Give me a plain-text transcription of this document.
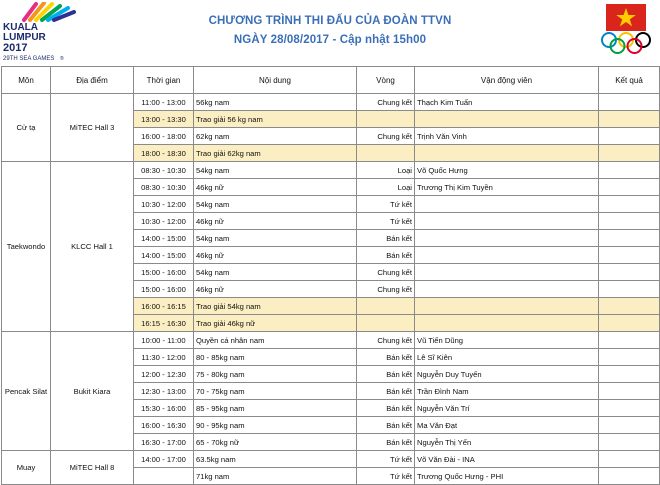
KUALA
LUMPUR
2017
29TH SEA GAMES ®
CHƯƠNG TRÌNH THI ĐẤU CỦA ĐOÀN TTVN
NGÀY 28/08/2017 - Cập nhật 15h00
Môn	Địa điểm	Thời gian	Nội dung	Vòng	Vận động viên	Kết quả
Cử tạ	MiTEC Hall 3	11:00 - 13:00	56kg nam	Chung kết	Thạch Kim Tuấn	
		13:00 - 13:30	Trao giải 56 kg nam			
		16:00 - 18:00	62kg nam	Chung kết	Trịnh Văn Vinh	
		18:00 - 18:30	Trao giải 62kg nam			
Taekwondo	KLCC Hall 1	08:30 - 10:30	54kg nam	Loại	Võ Quốc Hưng	
		08:30 - 10:30	46kg nữ	Loại	Trương Thị Kim Tuyền	
		10:30 - 12:00	54kg nam	Tứ kết		
		10:30 - 12:00	46kg nữ	Tứ kết		
		14:00 - 15:00	54kg nam	Bán kết		
		14:00 - 15:00	46kg nữ	Bán kết		
		15:00 - 16:00	54kg nam	Chung kết		
		15:00 - 16:00	46kg nữ	Chung kết		
		16:00 - 16:15	Trao giải 54kg nam			
		16:15 - 16:30	Trao giải 46kg nữ			
Pencak Silat	Bukit Kiara	10:00 - 11:00	Quyền cá nhân nam	Chung kết	Vũ Tiến Dũng	
		11:30 - 12:00	80 - 85kg nam	Bán kết	Lê Sĩ Kiên	
		12:00 - 12:30	75 - 80kg nam	Bán kết	Nguyễn Duy Tuyến	
		12:30 - 13:00	70 - 75kg nam	Bán kết	Trần Đình Nam	
		15:30 - 16:00	85 - 95kg nam	Bán kết	Nguyễn Văn Trí	
		16:00 - 16:30	90 - 95kg nam	Bán kết	Ma Văn Đạt	
		16:30 - 17:00	65 - 70kg nữ	Bán kết	Nguyễn Thị Yến	
Muay	MiTEC Hall 8	14:00 - 17:00	63.5kg nam	Tứ kết	Võ Văn Đài - INA	
			71kg nam	Tứ kết	Trương Quốc Hưng - PHI	
